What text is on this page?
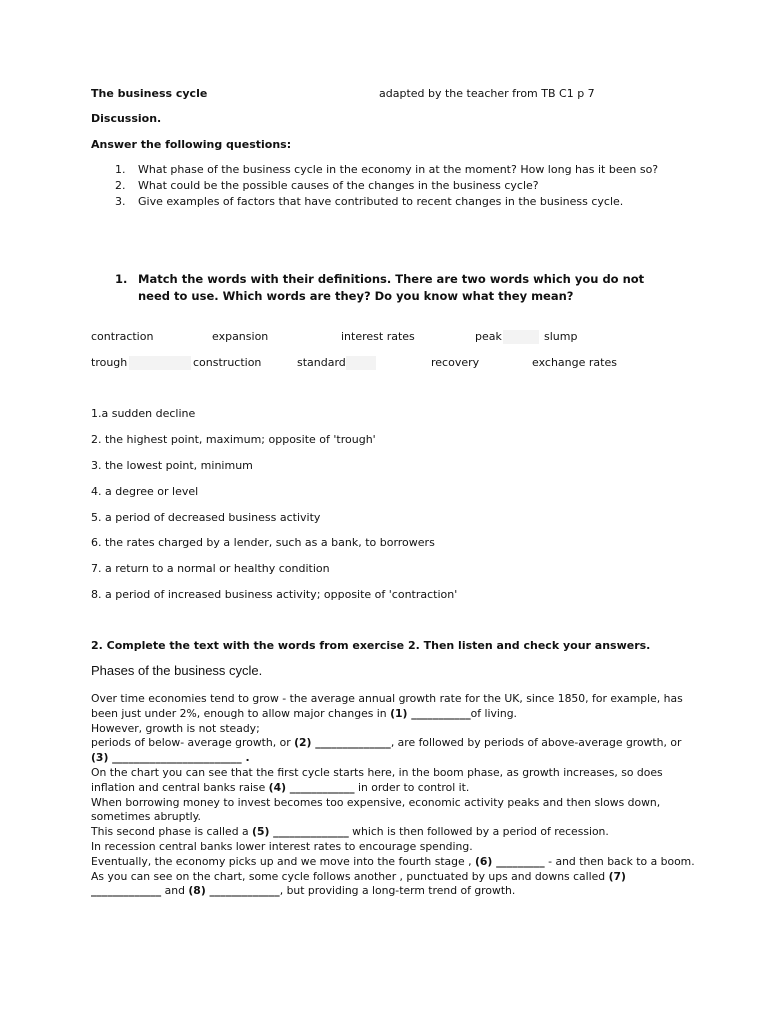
The business cycle	adapted by the teacher from TB C1 p 7
Discussion.
Answer the following questions:
1. What phase of the business cycle in the economy in at the moment? How long has it been so?
2. What could be the possible causes of the changes in the business cycle?
3. Give examples of factors that have contributed to recent changes in the business cycle.
1. Match the words with their definitions. There are two words which you do not need to use. Which words are they? Do you know what they mean?
contraction	expansion	interest rates	peak	slump
trough	construction	standard	recovery	exchange rates
1.a sudden decline
2. the highest point, maximum; opposite of 'trough'
3. the lowest point, minimum
4. a degree or level
5. a period of decreased business activity
6. the rates charged by a lender, such as a bank, to borrowers
7. a return to a normal or healthy condition
8. a period of increased business activity; opposite of 'contraction'
2. Complete the text with the words from exercise 2. Then listen and check your answers.
Phases of the business cycle.
Over time economies tend to grow - the average annual growth rate for the UK, since 1850, for example, has
been just under 2%, enough to allow major changes in (1) ___________of living.
However, growth is not steady;
periods of below- average growth, or (2) ______________, are followed by periods of above-average growth, or
(3) ________________________ .
On the chart you can see that the first cycle starts here, in the boom phase, as growth increases, so does
inflation and central banks raise (4) ____________ in order to control it.
When borrowing money to invest becomes too expensive, economic activity peaks and then slows down,
sometimes abruptly.
This second phase is called a (5) ______________ which is then followed by a period of recession.
In recession central banks lower interest rates to encourage spending.
Eventually, the economy picks up and we move into the fourth stage , (6) _________ - and then back to a boom.
As you can see on the chart, some cycle follows another , punctuated by ups and downs called (7)
_____________ and (8) _____________, but providing a long-term trend of growth.
